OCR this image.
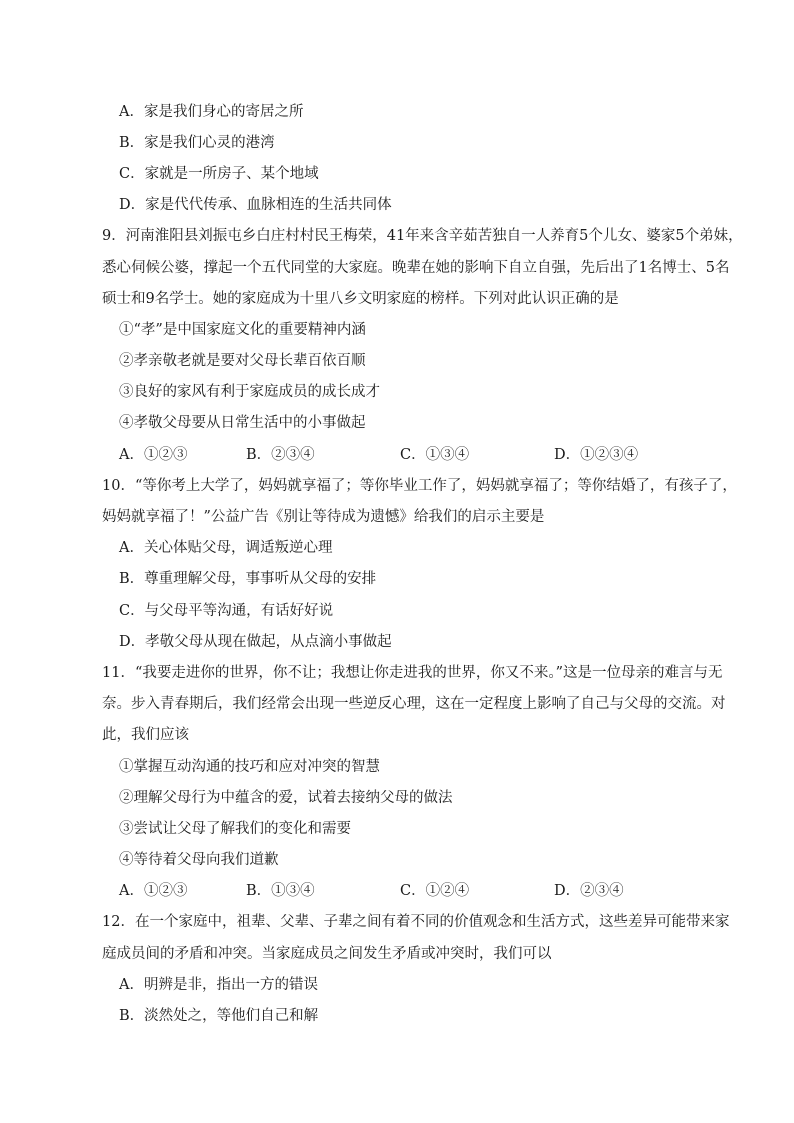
A．家是我们身心的寄居之所
B．家是我们心灵的港湾
C．家就是一所房子、某个地域
D．家是代代传承、血脉相连的生活共同体
9．河南淮阳县刘振屯乡白庄村村民王梅荣，41年来含辛茹苦独自一人养育5个儿女、婆家5个弟妹，
悉心伺候公婆，撑起一个五代同堂的大家庭。晚辈在她的影响下自立自强，先后出了1名博士、5名
硕士和9名学士。她的家庭成为十里八乡文明家庭的榜样。下列对此认识正确的是
①“孝”是中国家庭文化的重要精神内涵
②孝亲敬老就是要对父母长辈百依百顺
③良好的家风有利于家庭成员的成长成才
④孝敬父母要从日常生活中的小事做起
A．①②③	B．②③④	C．①③④	D．①②③④
10．“等你考上大学了，妈妈就享福了；等你毕业工作了，妈妈就享福了；等你结婚了，有孩子了，
妈妈就享福了！”公益广告《别让等待成为遗憾》给我们的启示主要是
A．关心体贴父母，调适叛逆心理
B．尊重理解父母，事事听从父母的安排
C．与父母平等沟通，有话好好说
D．孝敬父母从现在做起，从点滴小事做起
11．“我要走进你的世界，你不让；我想让你走进我的世界，你又不来。”这是一位母亲的难言与无
奈。步入青春期后，我们经常会出现一些逆反心理，这在一定程度上影响了自己与父母的交流。对
此，我们应该
①掌握互动沟通的技巧和应对冲突的智慧
②理解父母行为中蕴含的爱，试着去接纳父母的做法
③尝试让父母了解我们的变化和需要
④等待着父母向我们道歉
A．①②③	B．①③④	C．①②④	D．②③④
12．在一个家庭中，祖辈、父辈、子辈之间有着不同的价值观念和生活方式，这些差异可能带来家
庭成员间的矛盾和冲突。当家庭成员之间发生矛盾或冲突时，我们可以
A．明辨是非，指出一方的错误
B．淡然处之，等他们自己和解
